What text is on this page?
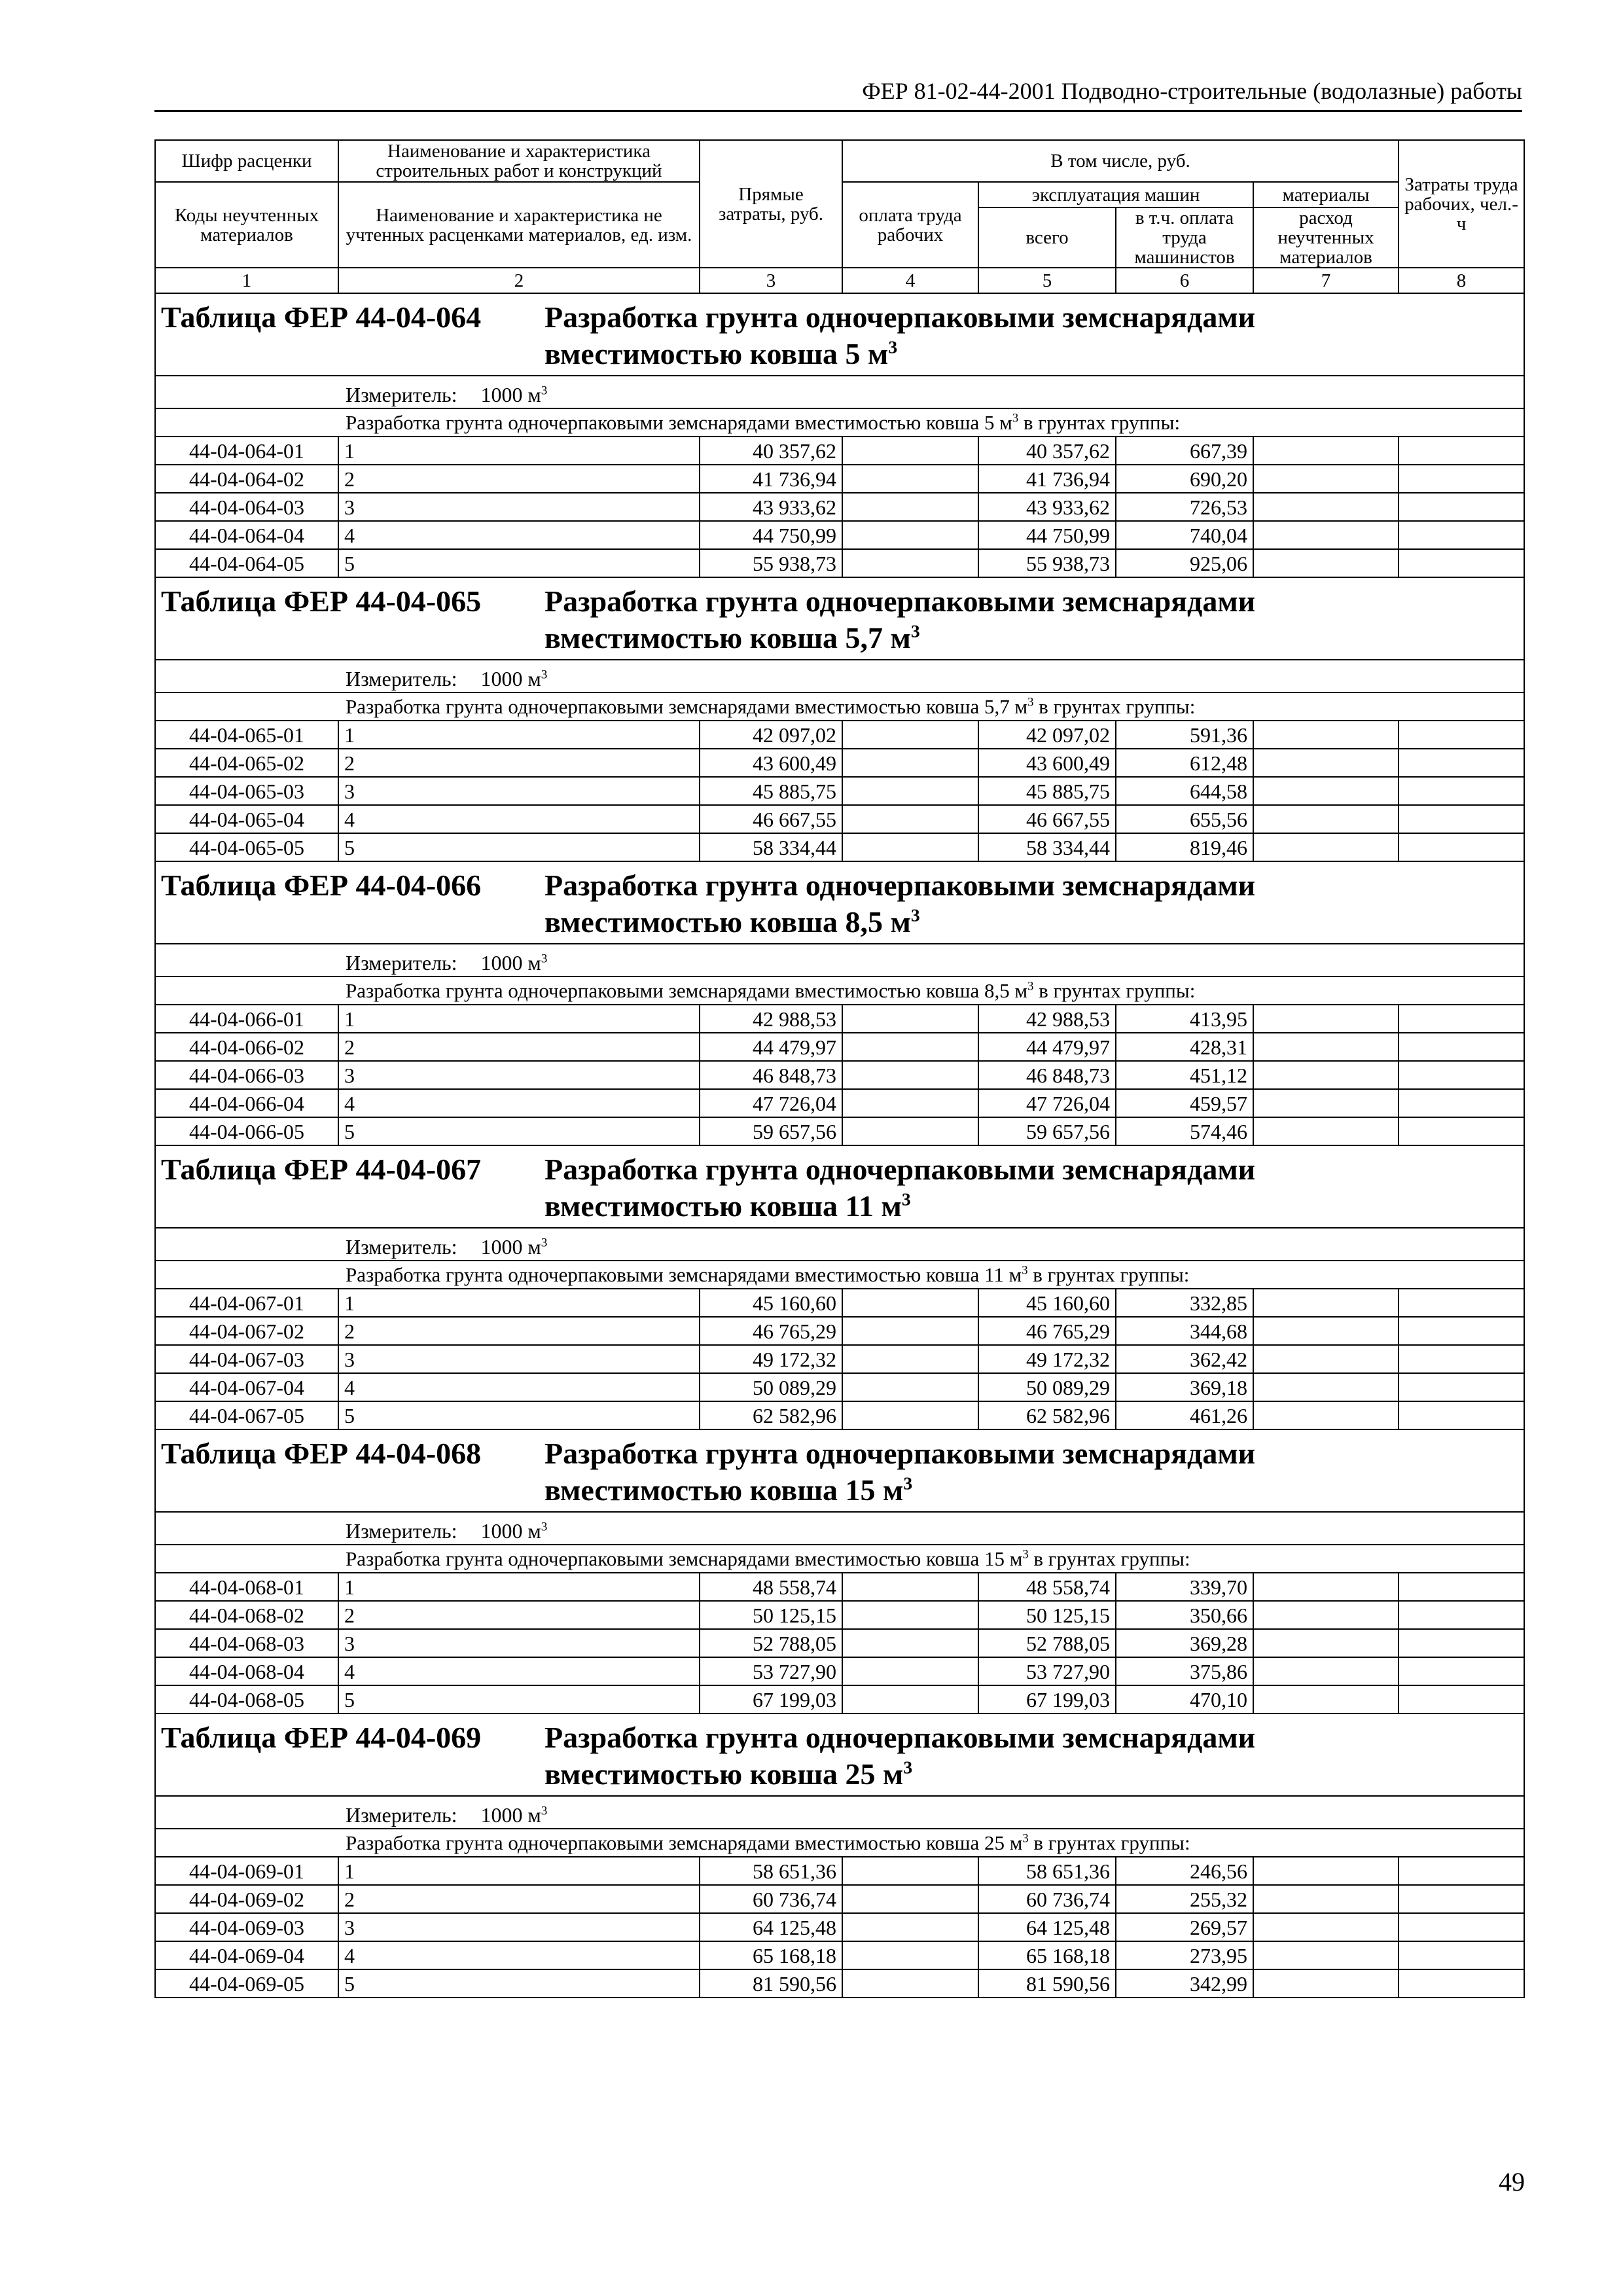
ФЕР 81-02-44-2001 Подводно-строительные (водолазные) работы
Шифр расценки	Наименование и характеристика строительных работ и конструкций	Прямые затраты, руб.	В том числе, руб.				Затраты труда рабочих, чел.-ч
Коды неучтенных материалов	Наименование и характеристика не учтенных расценками материалов, ед. изм.		оплата труда рабочих	эксплуатация машин		материалы	
				всего	в т.ч. оплата труда машинистов	расход неучтенных материалов	
1	2	3	4	5	6	7	8

Таблица ФЕР 44-04-064 Разработка грунта одночерпаковыми земснарядами
вместимостью ковша 5 $м^3$

Измеритель: 1000 $м^3$

Разработка грунта одночерпаковыми земснарядами вместимостью ковша 5 $м^3$ в грунтах группы:							

44-04-064-01	1	40 357,62		40 357,62	667,39		
44-04-064-02	2	41 736,94		41 736,94	690,20		
44-04-064-03	3	43 933,62		43 933,62	726,53		
44-04-064-04	4	44 750,99		44 750,99	740,04		
44-04-064-05	5	55 938,73		55 938,73	925,06		

Таблица ФЕР 44-04-065 Разработка грунта одночерпаковыми земснарядами
вместимостью ковша 5,7 $м^3$

Измеритель: 1000 $м^3$

Разработка грунта одночерпаковыми земснарядами вместимостью ковша 5,7 $м^3$ в грунтах группы:							

44-04-065-01	1	42 097,02		42 097,02	591,36		
44-04-065-02	2	43 600,49		43 600,49	612,48		
44-04-065-03	3	45 885,75		45 885,75	644,58		
44-04-065-04	4	46 667,55		46 667,55	655,56		
44-04-065-05	5	58 334,44		58 334,44	819,46		

Таблица ФЕР 44-04-066 Разработка грунта одночерпаковыми земснарядами
вместимостью ковша 8,5 $м^3$

Измеритель: 1000 $м^3$

Разработка грунта одночерпаковыми земснарядами вместимостью ковша 8,5 $м^3$ в грунтах группы:							

44-04-066-01	1	42 988,53		42 988,53	413,95		
44-04-066-02	2	44 479,97		44 479,97	428,31		
44-04-066-03	3	46 848,73		46 848,73	451,12		
44-04-066-04	4	47 726,04		47 726,04	459,57		
44-04-066-05	5	59 657,56		59 657,56	574,46		

Таблица ФЕР 44-04-067 Разработка грунта одночерпаковыми земснарядами
вместимостью ковша 11 $м^3$

Измеритель: 1000 $м^3$

Разработка грунта одночерпаковыми земснарядами вместимостью ковша 11 $м^3$ в грунтах группы:							

44-04-067-01	1	45 160,60		45 160,60	332,85		
44-04-067-02	2	46 765,29		46 765,29	344,68		
44-04-067-03	3	49 172,32		49 172,32	362,42		
44-04-067-04	4	50 089,29		50 089,29	369,18		
44-04-067-05	5	62 582,96		62 582,96	461,26		

Таблица ФЕР 44-04-068 Разработка грунта одночерпаковыми земснарядами
вместимостью ковша 15 $м^3$

Измеритель: 1000 $м^3$

Разработка грунта одночерпаковыми земснарядами вместимостью ковша 15 $м^3$ в грунтах группы:							

44-04-068-01	1	48 558,74		48 558,74	339,70		
44-04-068-02	2	50 125,15		50 125,15	350,66		
44-04-068-03	3	52 788,05		52 788,05	369,28		
44-04-068-04	4	53 727,90		53 727,90	375,86		
44-04-068-05	5	67 199,03		67 199,03	470,10		

Таблица ФЕР 44-04-069 Разработка грунта одночерпаковыми земснарядами
вместимостью ковша 25 $м^3$

Измеритель: 1000 $м^3$

Разработка грунта одночерпаковыми земснарядами вместимостью ковша 25 $м^3$ в грунтах группы:							

44-04-069-01	1	58 651,36		58 651,36	246,56		
44-04-069-02	2	60 736,74		60 736,74	255,32		
44-04-069-03	3	64 125,48		64 125,48	269,57		
44-04-069-04	4	65 168,18		65 168,18	273,95		
44-04-069-05	5	81 590,56		81 590,56	342,99		
49
